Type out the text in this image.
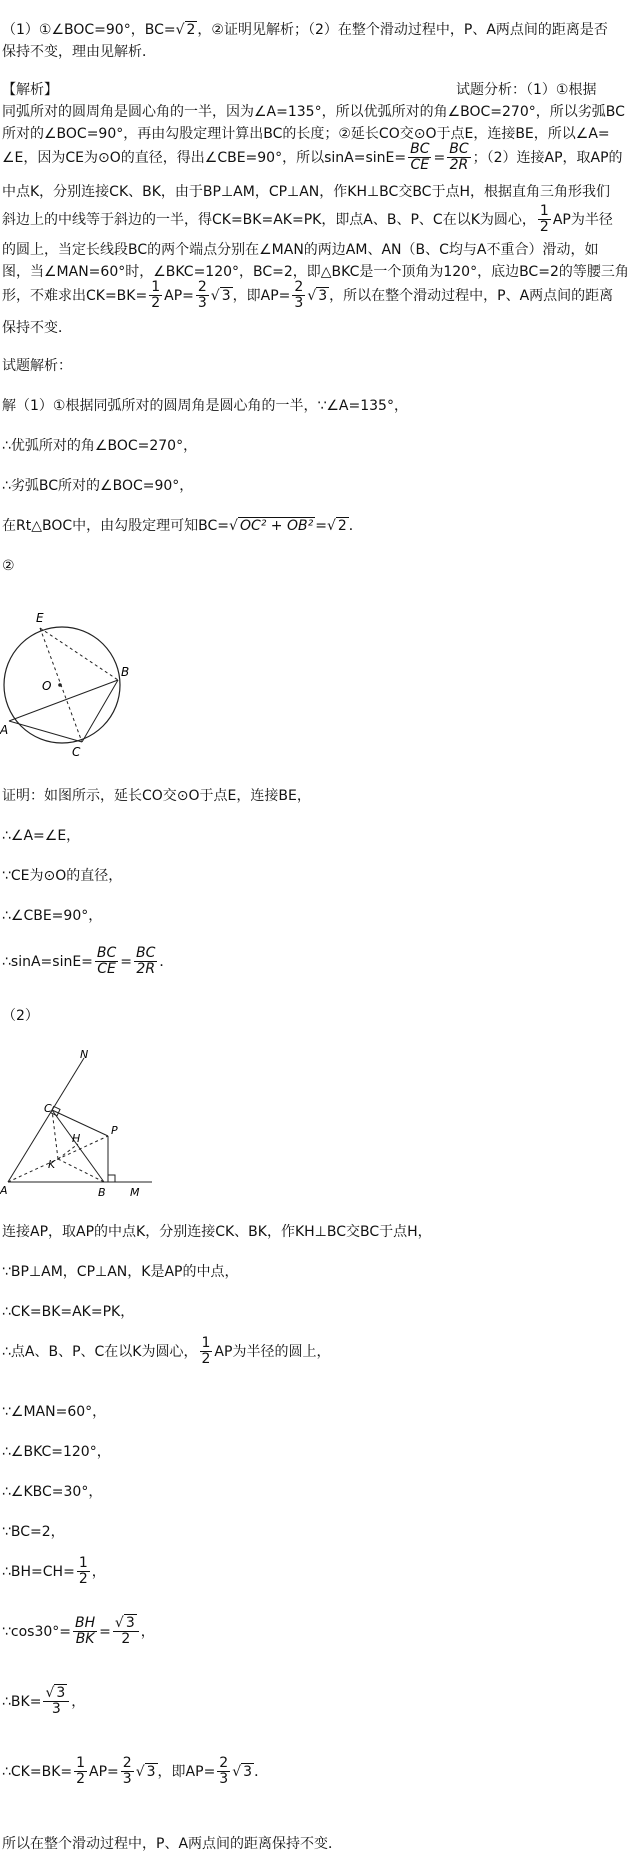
（1）①∠BOC=90°，BC=√ 2 ，②证明见解析；（2）在整个滑动过程中，P、A两点间的距离是否
保持不变，理由见解析．
【解析】	试题分析：（1）①根据
同弧所对的圆周角是圆心角的一半，因为∠A=135°，所以优弧所对的角∠BOC=270°，所以劣弧BC
所对的∠BOC=90°，再由勾股定理计算出BC的长度；②延长CO交⊙O于点E，连接BE，所以∠A=
∠E，因为CE为⊙O的直径，得出∠CBE=90°，所以$\sin A=\sin E= \frac{BC}{CE} = \frac{BC}{2R}$ ；（2）连接AP，取AP的
中点K，分别连接CK、BK，由于BP⊥AM，CP⊥AN，作KH⊥BC交BC于点H，根据直角三角形我们
斜边上的中线等于斜边的一半，得CK=BK=AK=PK，即点A、B、P、C在以K为圆心， $\frac{1}{2}$ AP为半径
的圆上，当定长线段BC的两个端点分别在∠MAN的两边AM、AN（B、C均与A不重合）滑动，如
图，当∠MAN=60°时，∠BKC=120°，BC=2，即△BKC是一个顶角为120°，底边BC=2的等腰三角
形，不难求出$CK=BK= \frac{1}{2} AP= \frac{2}{3}$ √ 3 ，即$AP= \frac{2}{3}$ √ 3 ，所以在整个滑动过程中，P、A两点间的距离
保持不变．
试题解析：
解（1）①根据同弧所对的圆周角是圆心角的一半，∵∠A=135°，
∴优弧所对的角∠BOC=270°，
∴劣弧BC所对的∠BOC=90°，
在Rt△BOC中，由勾股定理可知BC=√ OC² + OB² =√ 2 ．
②
E
B
O
A
C
证明：如图所示，延长CO交⊙O于点E，连接BE，
∴∠A=∠E，
∵CE为⊙O的直径，
∴∠CBE=90°，
∴sinA=sinE= $\frac{BC}{CE} = \frac{BC}{2R}$ ．
（2）
N
C
H
P
K
A	B M
连接AP，取AP的中点K，分别连接CK、BK，作KH⊥BC交BC于点H，
∵BP⊥AM，CP⊥AN，K是AP的中点，
∴CK=BK=AK=PK，
∴点A、B、P、C在以K为圆心， $\frac{1}{2}$ AP为半径的圆上，
∵∠MAN=60°，
∴∠BKC=120°，
∴∠KBC=30°，
∵BC=2，
∴BH=CH= $\frac{1}{2}$ ，
∵cos30°= $\frac{BH}{BK} = \frac{√ 3}{2}$ ，
∴BK= $\frac{√ 3}{3}$ ，
∴CK=BK= $\frac{1}{2} AP= \frac{2}{3}$ √ 3 ，即$AP= \frac{2}{3}$ √ 3 ．
所以在整个滑动过程中，P、A两点间的距离保持不变．
